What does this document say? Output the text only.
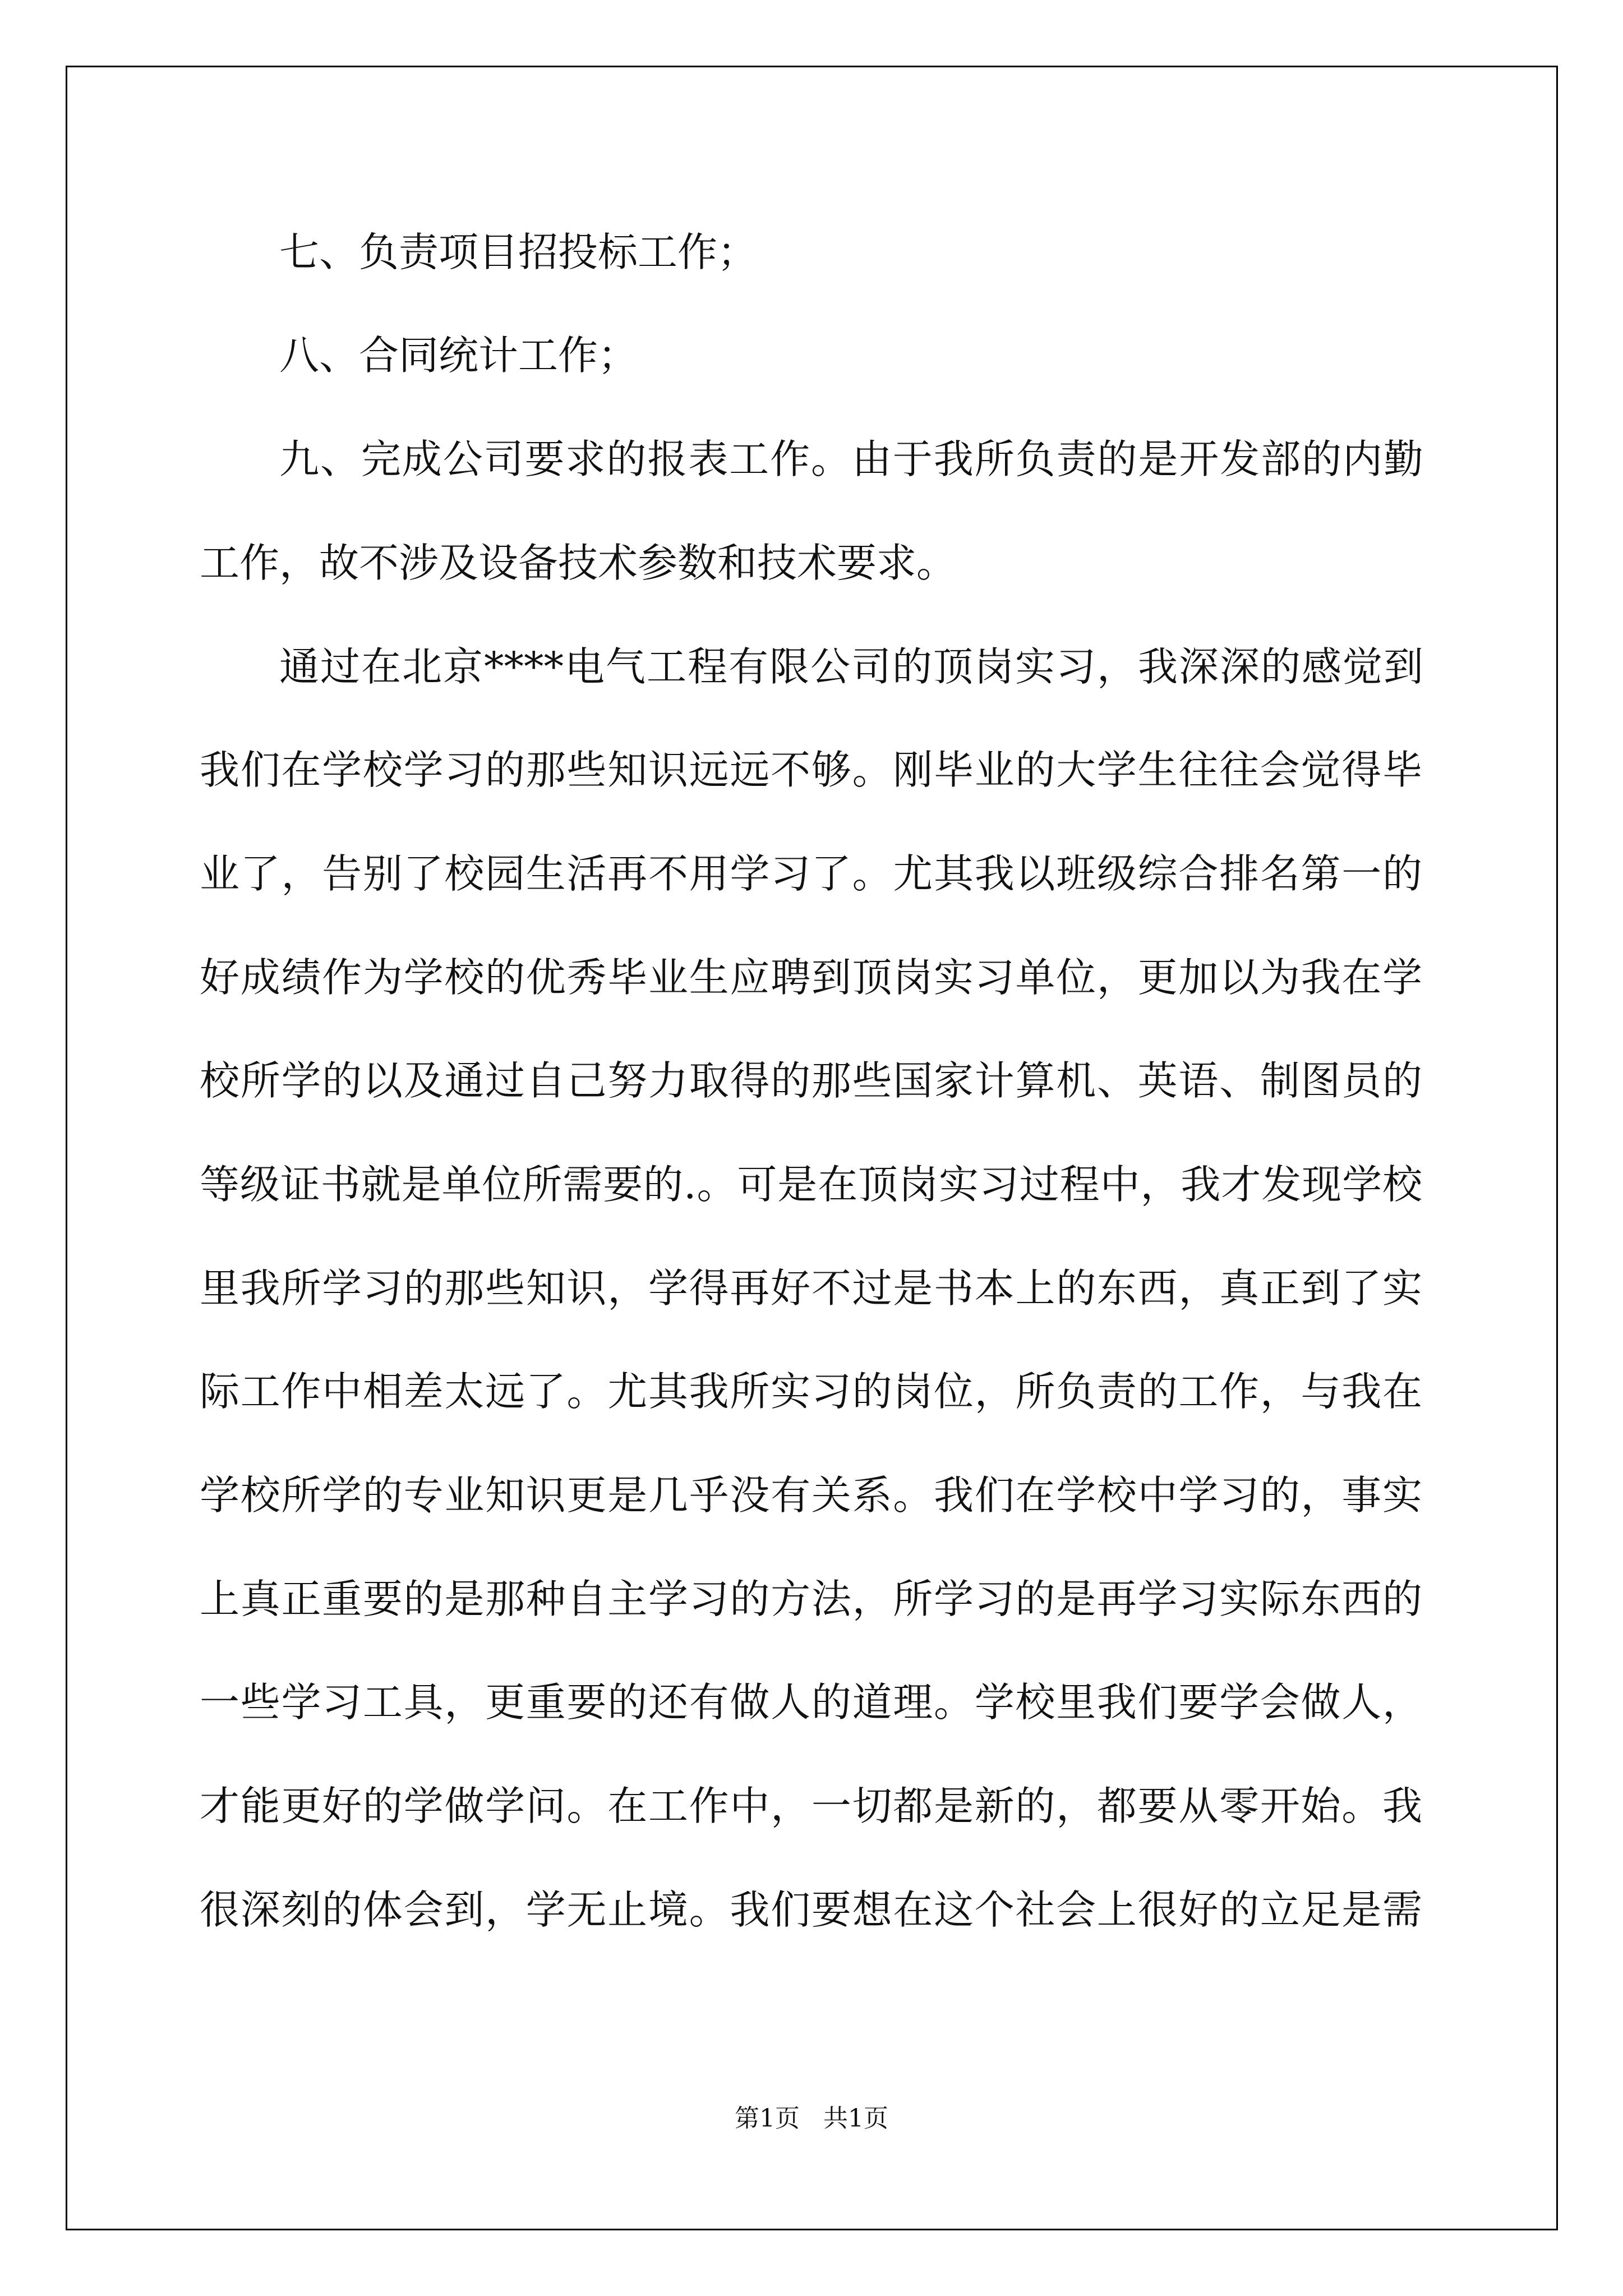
七、负责项目招投标工作；

八、合同统计工作；

九、完成公司要求的报表工作。由于我所负责的是开发部的内勤

工作，故不涉及设备技术参数和技术要求。

通过在北京****电气工程有限公司的顶岗实习，我深深的感觉到

我们在学校学习的那些知识远远不够。刚毕业的大学生往往会觉得毕

业了，告别了校园生活再不用学习了。尤其我以班级综合排名第一的

好成绩作为学校的优秀毕业生应聘到顶岗实习单位，更加以为我在学

校所学的以及通过自己努力取得的那些国家计算机、英语、制图员的

等级证书就是单位所需要的.。可是在顶岗实习过程中，我才发现学校

里我所学习的那些知识，学得再好不过是书本上的东西，真正到了实

际工作中相差太远了。尤其我所实习的岗位，所负责的工作，与我在

学校所学的专业知识更是几乎没有关系。我们在学校中学习的，事实

上真正重要的是那种自主学习的方法，所学习的是再学习实际东西的

一些学习工具，更重要的还有做人的道理。学校里我们要学会做人，

才能更好的学做学问。在工作中，一切都是新的，都要从零开始。我

很深刻的体会到，学无止境。我们要想在这个社会上很好的立足是需

第1页   共1页
